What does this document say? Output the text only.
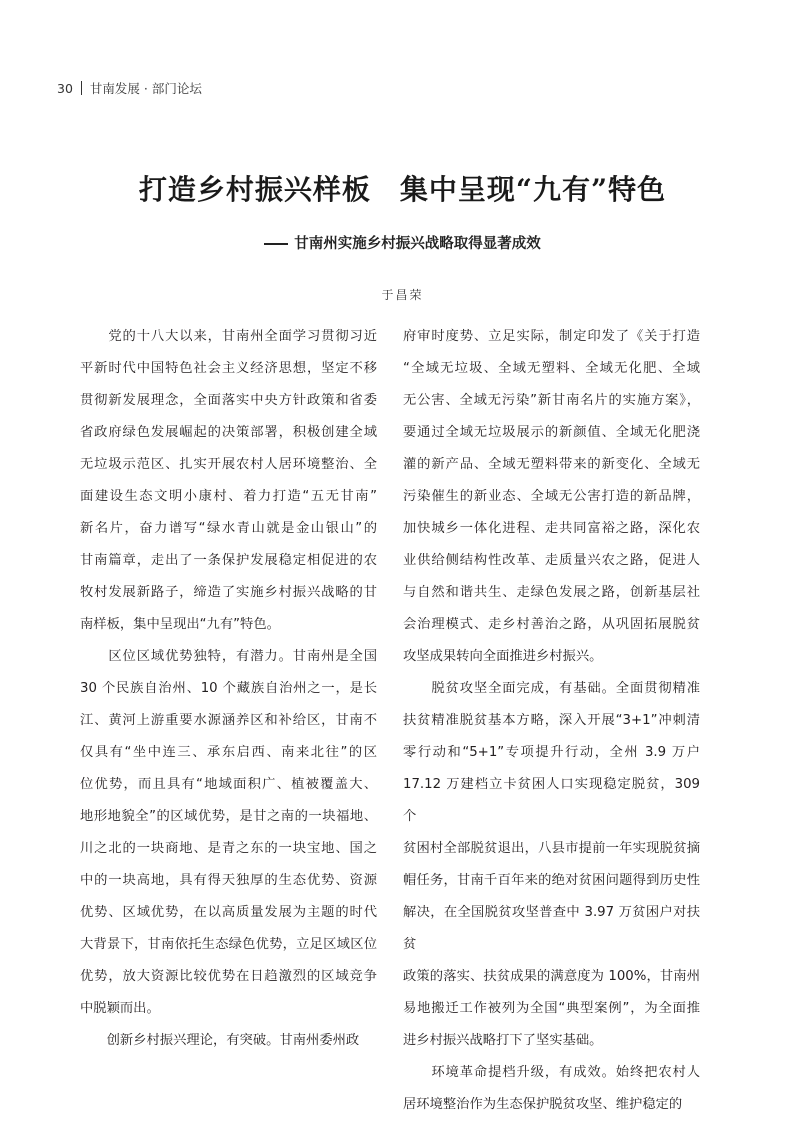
30 甘南发展 · 部门论坛
打造乡村振兴样板　集中呈现“九有”特色
甘南州实施乡村振兴战略取得显著成效
于昌荣

　　党的十八大以来，甘南州全面学习贯彻习近

平新时代中国特色社会主义经济思想，坚定不移

贯彻新发展理念，全面落实中央方针政策和省委

省政府绿色发展崛起的决策部署，积极创建全域

无垃圾示范区、扎实开展农村人居环境整治、全

面建设生态文明小康村、着力打造“五无甘南”

新名片，奋力谱写“绿水青山就是金山银山”的

甘南篇章，走出了一条保护发展稳定相促进的农

牧村发展新路子，缔造了实施乡村振兴战略的甘

南样板，集中呈现出“九有”特色。

　　区位区域优势独特，有潜力。甘南州是全国

30 个民族自治州、10 个藏族自治州之一，是长

江、黄河上游重要水源涵养区和补给区，甘南不

仅具有“坐中连三、承东启西、南来北往”的区

位优势，而且具有“地域面积广、植被覆盖大、

地形地貌全”的区域优势，是甘之南的一块福地、

川之北的一块商地、是青之东的一块宝地、国之

中的一块高地，具有得天独厚的生态优势、资源

优势、区域优势，在以高质量发展为主题的时代

大背景下，甘南依托生态绿色优势，立足区域区位

优势，放大资源比较优势在日趋激烈的区域竞争

中脱颖而出。

　　创新乡村振兴理论，有突破。甘南州委州政

府审时度势、立足实际，制定印发了《关于打造

“全域无垃圾、全域无塑料、全域无化肥、全域

无公害、全域无污染”新甘南名片的实施方案》，

要通过全域无垃圾展示的新颜值、全域无化肥浇

灌的新产品、全域无塑料带来的新变化、全域无

污染催生的新业态、全域无公害打造的新品牌，

加快城乡一体化进程、走共同富裕之路，深化农

业供给侧结构性改革、走质量兴农之路，促进人

与自然和谐共生、走绿色发展之路，创新基层社

会治理模式、走乡村善治之路，从巩固拓展脱贫

攻坚成果转向全面推进乡村振兴。

　　脱贫攻坚全面完成，有基础。全面贯彻精准

扶贫精准脱贫基本方略，深入开展“3+1”冲刺清

零行动和“5+1”专项提升行动，全州 3.9 万户

17.12 万建档立卡贫困人口实现稳定脱贫，309 个

贫困村全部脱贫退出，八县市提前一年实现脱贫摘

帽任务，甘南千百年来的绝对贫困问题得到历史性

解决，在全国脱贫攻坚普查中 3.97 万贫困户对扶贫

政策的落实、扶贫成果的满意度为 100%，甘南州

易地搬迁工作被列为全国“典型案例”，为全面推

进乡村振兴战略打下了坚实基础。

　　环境革命提档升级，有成效。始终把农村人

居环境整治作为生态保护脱贫攻坚、维护稳定的
